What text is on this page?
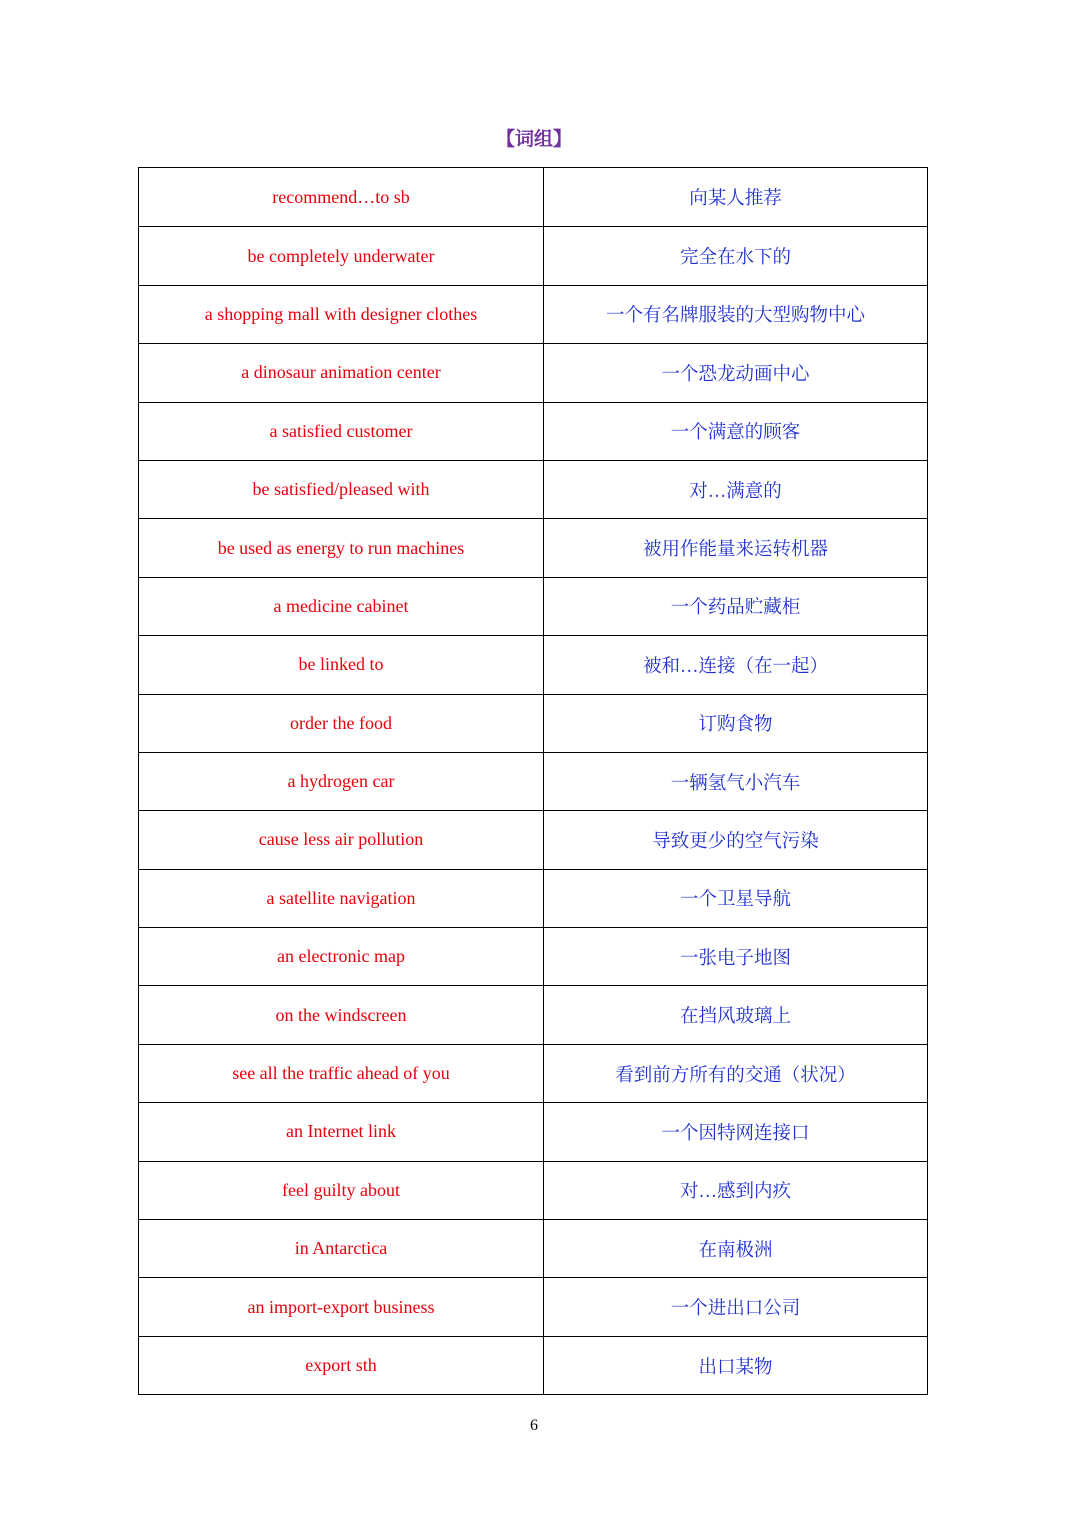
【词组】
recommend…to sb	向某人推荐
be completely underwater	完全在水下的
a shopping mall with designer clothes	一个有名牌服装的大型购物中心
a dinosaur animation center	一个恐龙动画中心
a satisfied customer	一个满意的顾客
be satisfied/pleased with	对…满意的
be used as energy to run machines	被用作能量来运转机器
a medicine cabinet	一个药品贮藏柜
be linked to	被和…连接（在一起）
order the food	订购食物
a hydrogen car	一辆氢气小汽车
cause less air pollution	导致更少的空气污染
a satellite navigation	一个卫星导航
an electronic map	一张电子地图
on the windscreen	在挡风玻璃上
see all the traffic ahead of you	看到前方所有的交通（状况）
an Internet link	一个因特网连接口
feel guilty about	对…感到内疚
in Antarctica	在南极洲
an import-export business	一个进出口公司
export sth	出口某物
6
